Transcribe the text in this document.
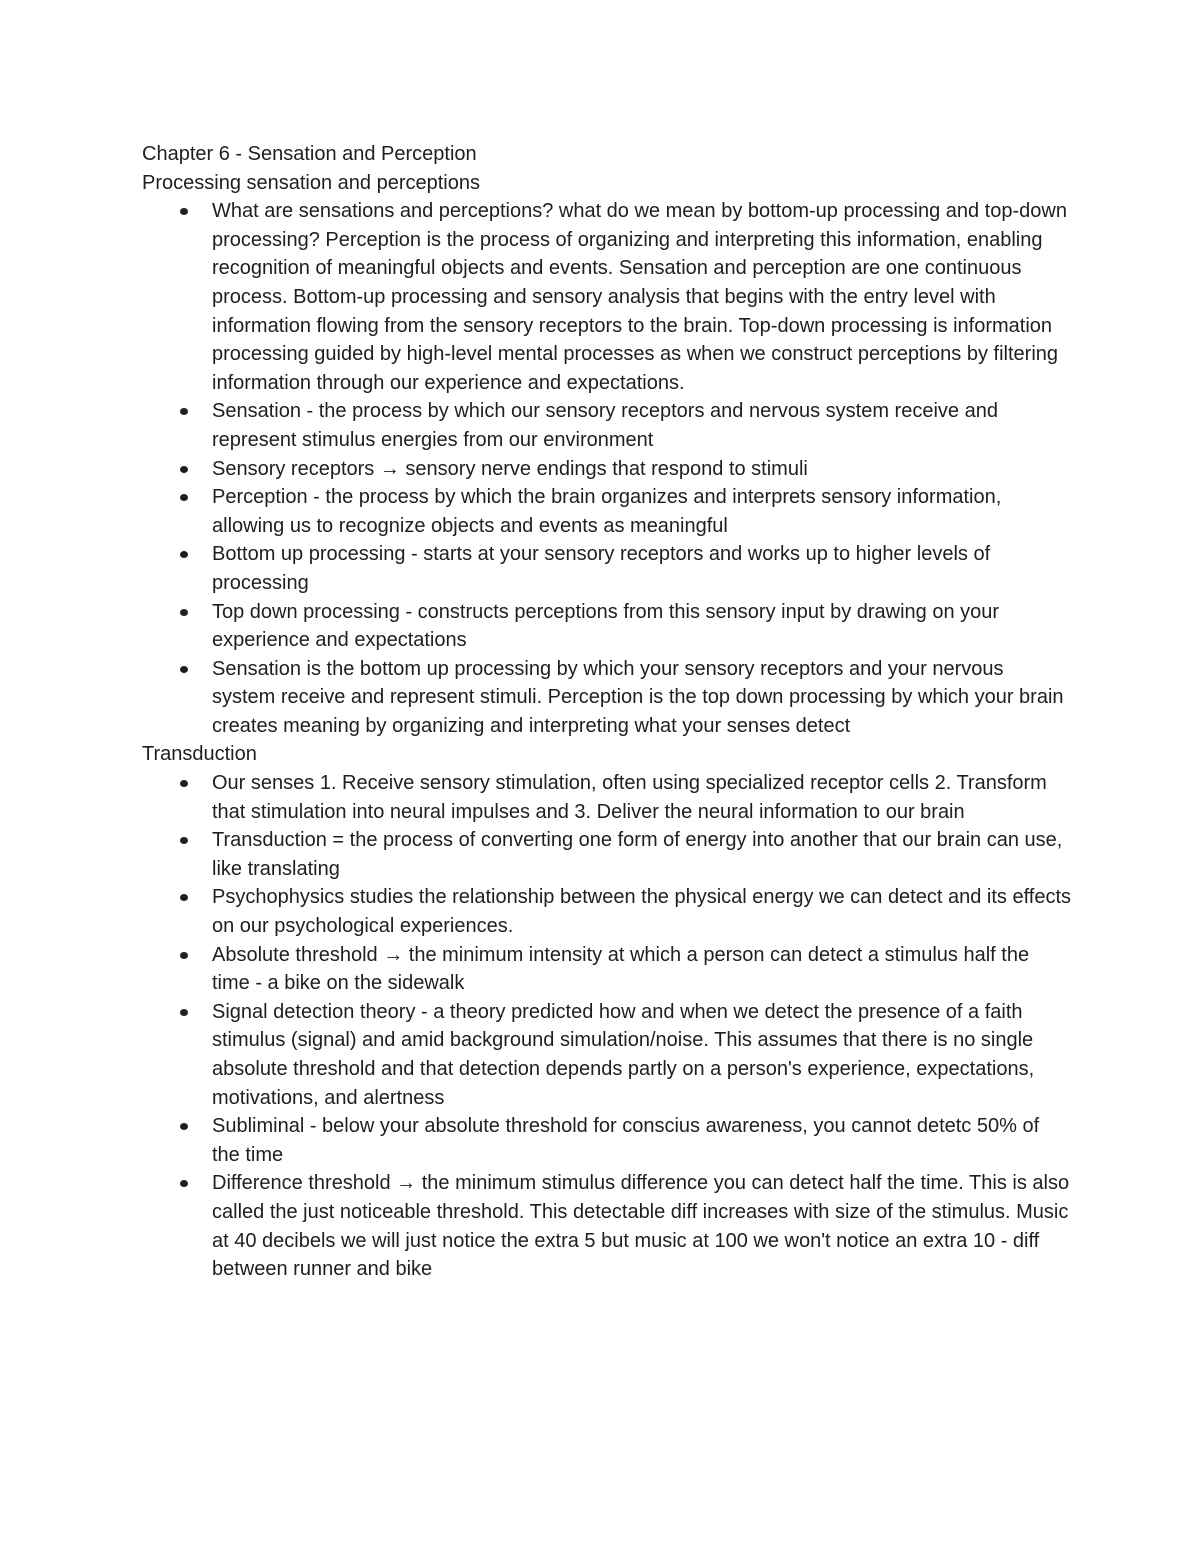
Chapter 6 - Sensation and Perception

Processing sensation and perceptions

What are sensations and perceptions? what do we mean by bottom-up processing and top-down processing? Perception is the process of organizing and interpreting this information, enabling recognition of meaningful objects and events. Sensation and perception are one continuous process. Bottom-up processing and sensory analysis that begins with the entry level with information flowing from the sensory receptors to the brain. Top-down processing is information processing guided by high-level mental processes as when we construct perceptions by filtering information through our experience and expectations.
Sensation - the process by which our sensory receptors and nervous system receive and represent stimulus energies from our environment
Sensory receptors → sensory nerve endings that respond to stimuli
Perception - the process by which the brain organizes and interprets sensory information, allowing us to recognize objects and events as meaningful
Bottom up processing - starts at your sensory receptors and works up to higher levels of processing
Top down processing - constructs perceptions from this sensory input by drawing on your experience and expectations
Sensation is the bottom up processing by which your sensory receptors and your nervous system receive and represent stimuli. Perception is the top down processing by which your brain creates meaning by organizing and interpreting what your senses detect

Transduction

Our senses 1. Receive sensory stimulation, often using specialized receptor cells 2. Transform that stimulation into neural impulses and 3. Deliver the neural information to our brain
Transduction = the process of converting one form of energy into another that our brain can use, like translating
Psychophysics studies the relationship between the physical energy we can detect and its effects on our psychological experiences.
Absolute threshold → the minimum intensity at which a person can detect a stimulus half the time - a bike on the sidewalk
Signal detection theory - a theory predicted how and when we detect the presence of a faith stimulus (signal) and amid background simulation/noise. This assumes that there is no single absolute threshold and that detection depends partly on a person's experience, expectations, motivations, and alertness
Subliminal - below your absolute threshold for conscius awareness, you cannot detetc 50% of the time
Difference threshold → the minimum stimulus difference you can detect half the time. This is also called the just noticeable threshold. This detectable diff increases with size of the stimulus. Music at 40 decibels we will just notice the extra 5 but music at 100 we won't notice an extra 10 - diff between runner and bike
